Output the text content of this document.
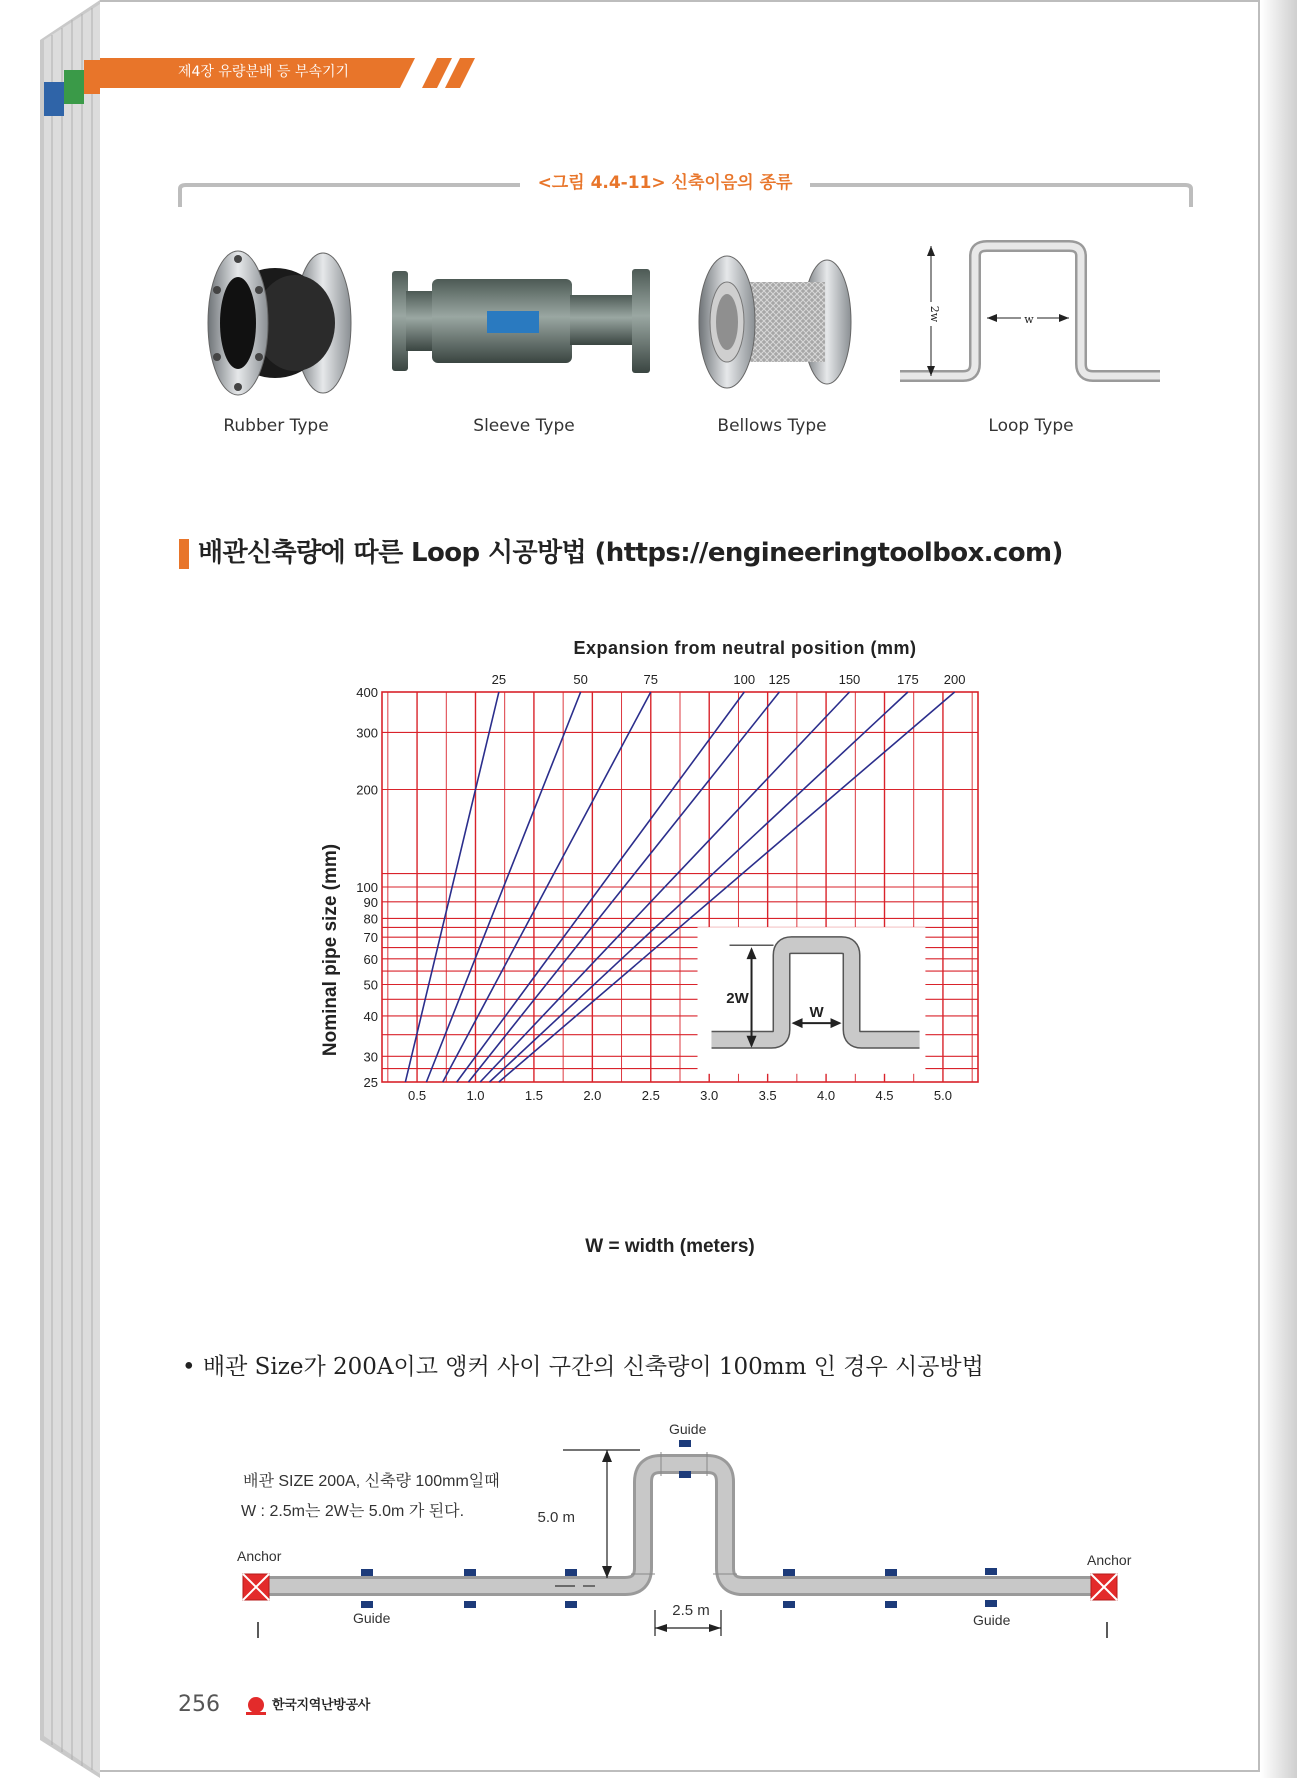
제4장 유량분배 등 부속기기
<그림 4.4-11> 신축이음의 종류
Rubber Type	Sleeve Type	Bellows Type
w
2w
Loop Type
배관신축량에 따른 Loop 시공방법 (https://engineeringtoolbox.com)
25	50	75	100 125	150	175 200
2W
W
0.5	1.0	1.5	2.0	2.5	3.0	3.5	4.0	4.5	5.0
25
30
40
50
60
70
80
90
100
200
300
400
Expansion from neutral position (mm)
W = width (meters)
Nominal pipe size (mm)
• 배관 Size가 200A이고 앵커 사이 구간의 신축량이 100mm 인 경우 시공방법
배관 SIZE 200A, 신축량 100mm일때
W : 2.5m는 2W는 5.0m 가 된다.	5.0 m
2.5 m
Anchor	Anchor
Guide
Guide
Guide
256	한국지역난방공사
